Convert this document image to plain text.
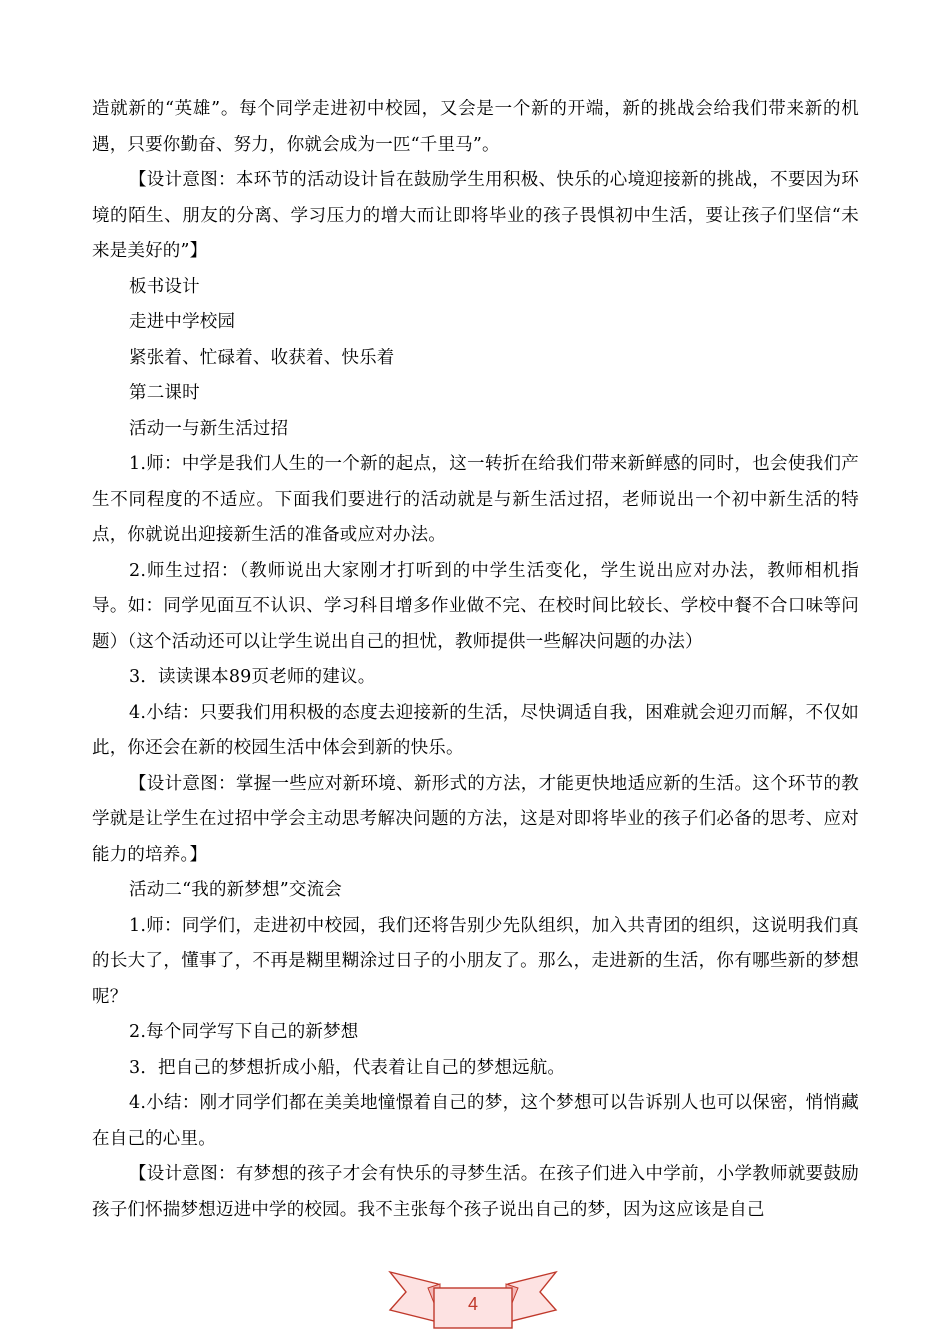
造就新的“英雄”。每个同学走进初中校园，又会是一个新的开端，新的挑战会给我们带来新的机遇，只要你勤奋、努力，你就会成为一匹“千里马”。

【设计意图：本环节的活动设计旨在鼓励学生用积极、快乐的心境迎接新的挑战，不要因为环境的陌生、朋友的分离、学习压力的增大而让即将毕业的孩子畏惧初中生活，要让孩子们坚信“未来是美好的”】

板书设计

走进中学校园

紧张着、忙碌着、收获着、快乐着

第二课时

活动一与新生活过招

1.师：中学是我们人生的一个新的起点，这一转折在给我们带来新鲜感的同时，也会使我们产生不同程度的不适应。下面我们要进行的活动就是与新生活过招，老师说出一个初中新生活的特点，你就说出迎接新生活的准备或应对办法。

2.师生过招：（教师说出大家刚才打听到的中学生活变化，学生说出应对办法，教师相机指导。如：同学见面互不认识、学习科目增多作业做不完、在校时间比较长、学校中餐不合口味等问题）（这个活动还可以让学生说出自己的担忧，教师提供一些解决问题的办法）

3．读读课本89页老师的建议。

4.小结：只要我们用积极的态度去迎接新的生活，尽快调适自我，困难就会迎刃而解，不仅如此，你还会在新的校园生活中体会到新的快乐。

【设计意图：掌握一些应对新环境、新形式的方法，才能更快地适应新的生活。这个环节的教学就是让学生在过招中学会主动思考解决问题的方法，这是对即将毕业的孩子们必备的思考、应对能力的培养。】

活动二“我的新梦想”交流会

1.师：同学们，走进初中校园，我们还将告别少先队组织，加入共青团的组织，这说明我们真的长大了，懂事了，不再是糊里糊涂过日子的小朋友了。那么，走进新的生活，你有哪些新的梦想呢？

2.每个同学写下自己的新梦想

3．把自己的梦想折成小船，代表着让自己的梦想远航。

4.小结：刚才同学们都在美美地憧憬着自己的梦，这个梦想可以告诉别人也可以保密，悄悄藏在自己的心里。

【设计意图：有梦想的孩子才会有快乐的寻梦生活。在孩子们进入中学前，小学教师就要鼓励孩子们怀揣梦想迈进中学的校园。我不主张每个孩子说出自己的梦，因为这应该是自己

4
